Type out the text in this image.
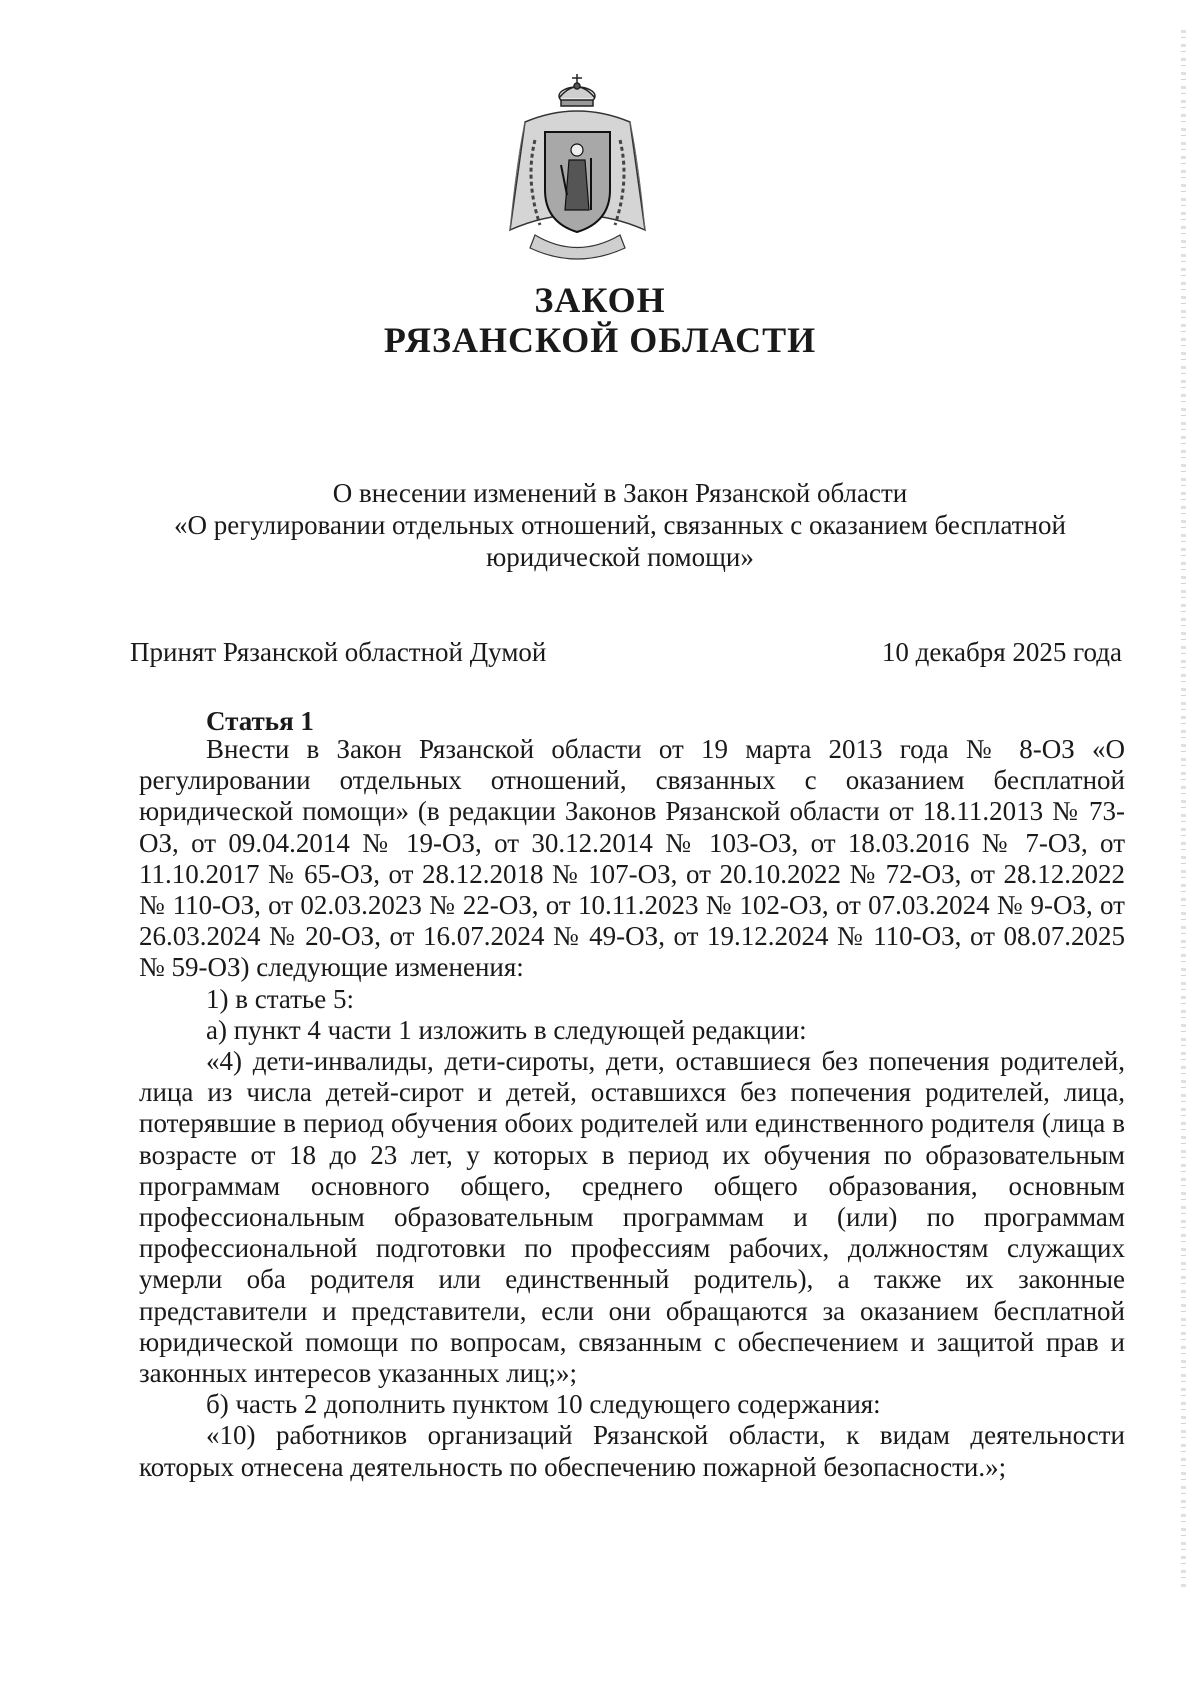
ЗАКОН
РЯЗАНСКОЙ ОБЛАСТИ
О внесении изменений в Закон Рязанской области
«О регулировании отдельных отношений, связанных с оказанием бесплатной
юридической помощи»
Принят Рязанской областной Думой	10 декабря 2025 года
Статья 1

Внести в Закон Рязанской области от 19 марта 2013 года № 8-ОЗ «О регулировании отдельных отношений, связанных с оказанием бесплатной юридической помощи» (в редакции Законов Рязанской области от 18.11.2013 № 73-ОЗ, от 09.04.2014 № 19-ОЗ, от 30.12.2014 № 103-ОЗ, от 18.03.2016 № 7-ОЗ, от 11.10.2017 № 65-ОЗ, от 28.12.2018 № 107-ОЗ, от 20.10.2022 № 72-ОЗ, от 28.12.2022 № 110-ОЗ, от 02.03.2023 № 22-ОЗ, от 10.11.2023 № 102-ОЗ, от 07.03.2024 № 9-ОЗ, от 26.03.2024 № 20-ОЗ, от 16.07.2024 № 49-ОЗ, от 19.12.2024 № 110-ОЗ, от 08.07.2025 № 59-ОЗ) следующие изменения:

1) в статье 5:

а) пункт 4 части 1 изложить в следующей редакции:

«4) дети-инвалиды, дети-сироты, дети, оставшиеся без попечения родителей, лица из числа детей-сирот и детей, оставшихся без попечения родителей, лица, потерявшие в период обучения обоих родителей или единственного родителя (лица в возрасте от 18 до 23 лет, у которых в период их обучения по образовательным программам основного общего, среднего общего образования, основным профессиональным образовательным программам и (или) по программам профессиональной подготовки по профессиям рабочих, должностям служащих умерли оба родителя или единственный родитель), а также их законные представители и представители, если они обращаются за оказанием бесплатной юридической помощи по вопросам, связанным с обеспечением и защитой прав и законных интересов указанных лиц;»;

б) часть 2 дополнить пунктом 10 следующего содержания:

«10) работников организаций Рязанской области, к видам деятельности которых отнесена деятельность по обеспечению пожарной безопасности.»;
